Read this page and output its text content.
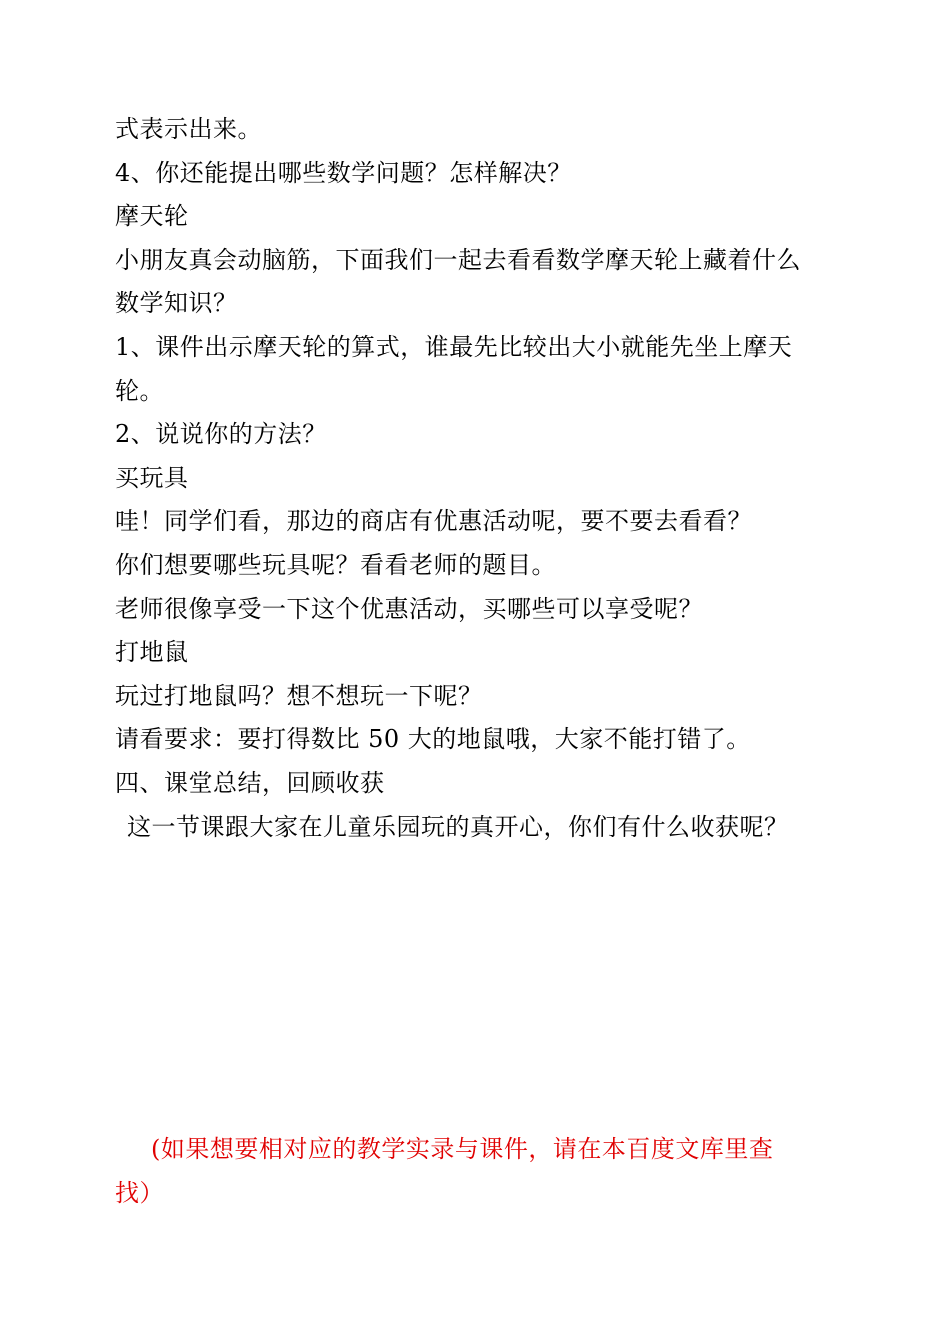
式表示出来。
4、你还能提出哪些数学问题？怎样解决？
摩天轮
小朋友真会动脑筋，下面我们一起去看看数学摩天轮上藏着什么
数学知识？
1、课件出示摩天轮的算式，谁最先比较出大小就能先坐上摩天
轮。
2、说说你的方法？
买玩具
哇！同学们看，那边的商店有优惠活动呢，要不要去看看？
你们想要哪些玩具呢？看看老师的题目。
老师很像享受一下这个优惠活动，买哪些可以享受呢？
打地鼠
玩过打地鼠吗？想不想玩一下呢？
请看要求：要打得数比 50 大的地鼠哦，大家不能打错了。
四、课堂总结，回顾收获
这一节课跟大家在儿童乐园玩的真开心，你们有什么收获呢？
(如果想要相对应的教学实录与课件，请在本百度文库里查
找）
